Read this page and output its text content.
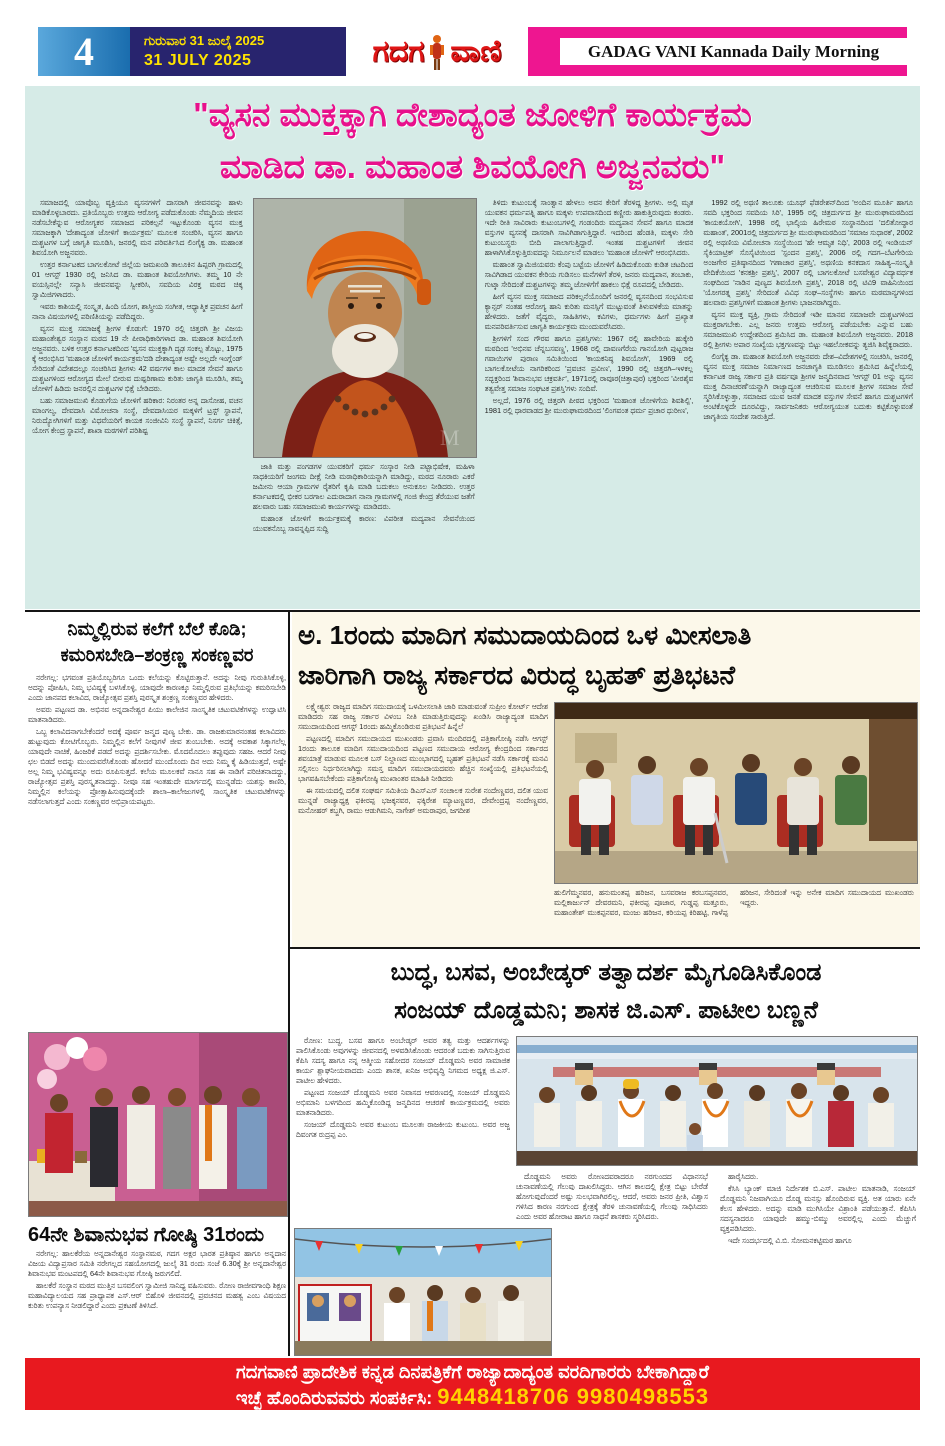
4	ಗುರುವಾರ 31 ಜುಲೈ 2025
31 JULY 2025	ಗದಗ ವಾಣಿ	GADAG VANI Kannada Daily Morning
"ವ್ಯಸನ ಮುಕ್ತಕ್ಕಾಗಿ ದೇಶಾದ್ಯಂತ ಜೋಳಿಗೆ ಕಾರ್ಯಕ್ರಮ
ಮಾಡಿದ ಡಾ. ಮಹಾಂತ ಶಿವಯೋಗಿ ಅಜ್ಜನವರು"

ಸಮಾಜದಲ್ಲಿ ಯಾವೊಬ್ಬ ವ್ಯಕ್ತಿಯೂ ವ್ಯಸನಗಳಿಗೆ ದಾಸರಾಗಿ ಜೀವನವನ್ನು ಹಾಳು ಮಾಡಿಕೊಳ್ಳಬಾರದು. ಪ್ರತಿಯೊಬ್ಬರು ಉತ್ತಮ ಆರೋಗ್ಯ ಪಡೆದುಕೊಂಡು ನೆಮ್ಮದಿಯ ಜೀವನ ನಡೆಸಬೇಕೆನ್ನುವ ಆರೋಗ್ಯಕರ ಸಮಾಜದ ಪರಿಕಲ್ಪನೆ ಇಟ್ಟುಕೊಂಡು ವ್ಯಸನ ಮುಕ್ತ ಸಮಾಜಕ್ಕಾಗಿ 'ದೇಶಾದ್ಯಂತ ಜೋಳಿಗೆ ಕಾರ್ಯಕ್ರಮ' ಮೂಲಕ ಸಂಚರಿಸಿ, ವ್ಯಸನ ಹಾಗೂ ದುಶ್ಚಟಗಳ ಬಗ್ಗೆ ಜಾಗೃತಿ ಮೂಡಿಸಿ, ಜನರಲ್ಲಿ ಮನ ಪರಿವರ್ತಿಸಿದ ಲಿಂಗೈಕ್ಯ ಡಾ. ಮಹಾಂತ ಶಿವಯೋಗಿ ಅಜ್ಜನವರು.

ಉತ್ತರ ಕರ್ನಾಟಕದ ಬಾಗಲಕೋಟೆ ಜಿಲ್ಲೆಯ ಜಮಖಂಡಿ ತಾಲೂಕಿನ ಹಿಪ್ಪರಗಿ ಗ್ರಾಮದಲ್ಲಿ 01 ಆಗಸ್ಟ್ 1930 ರಲ್ಲಿ ಜನಿಸಿದ ಡಾ. ಮಹಾಂತ ಶಿವಯೋಗಿಗಳು. ತಮ್ಮ 10 ನೇ ವಯಸ್ಸಿನಲ್ಲೇ ಸನ್ಯಾಸಿ ಜೀವನವನ್ನು ಸ್ವೀಕರಿಸಿ, ಸವದಿಯ ವಿರಕ್ತ ಮಠದ ಚಿಕ್ಕ ಸ್ವಾಮಿಜಿಗಳಾದರು.

ಇವರು ಕಾಶಿಯಲ್ಲಿ ಸಂಸ್ಕೃತ, ಹಿಂದಿ ಯೋಗ, ಶಾಸ್ತ್ರೀಯ ಸಂಗೀತ, ಆಧ್ಯಾತ್ಮಿಕ ಪ್ರವಚನ ಹೀಗೆ ನಾನಾ ವಿಷಯಗಳಲ್ಲಿ ಪರಿಣಿತಿಯನ್ನು ಪಡೆದಿದ್ದರು.

ವ್ಯಸನ ಮುಕ್ತ ಸಮಾಜಕ್ಕೆ ಶ್ರೀಗಳ ಕೊಡುಗೆ: 1970 ರಲ್ಲಿ ಚಿತ್ತರಗಿ ಶ್ರೀ ವಿಜಯ ಮಹಾಂತೇಶ್ವರ ಸಂಸ್ಥಾನ ಮಠದ 19 ನೇ ಪೀಠಾಧಿಕಾರಿಗಳಾದ ಡಾ. ಮಹಾಂತ ಶಿವಯೋಗಿ ಅಜ್ಜನವರು. ಬಳಿಕ ಉತ್ತರ ಕರ್ನಾಟಕದಿಂದ 'ವ್ಯಸನ ಮುಕ್ತಕ್ಕಾಗಿ ದೃಢ ಸಂಕಲ್ಪ ತೊಟ್ಟು, 1975 ಕ್ಕೆ ಆರಂಭಿಸಿದ 'ಮಹಾಂತ ಜೋಳಿಗೆ ಕಾರ್ಯಕ್ರಮ'ದಡಿ ದೇಶಾದ್ಯಂತ ಅಷ್ಟೇ ಅಲ್ಲದೇ ಇಂಗ್ಲೆಂಡ್ ಸೇರಿದಂತೆ ವಿದೇಶದಲ್ಲೂ ಸಂಚರಿಸಿದ ಶ್ರೀಗಳು 42 ವರ್ಷಗಳ ಕಾಲ ಮಾದಕ ಸೇವನೆ ಹಾಗೂ ದುಶ್ಚಟಗಳಿಂದ ಆರೋಗ್ಯದ ಮೇಲೆ ಬೀರುವ ದುಷ್ಪರಿಣಾಮ ಕುರಿತು ಜಾಗೃತಿ ಮೂಡಿಸಿ, ತಮ್ಮ ಜೋಳಿಗೆ ಹಿಡಿದು ಜನರಲ್ಲಿನ ದುಶ್ಚಟಗಳ ಭಿಕ್ಷೆ ಬೇಡಿದರು.

ಬಹು ಸಮಾಜಮುಖಿ ಕೊಡುಗೆಯ ಜೋಳಿಗೆ ಹರಿಕಾರ: ನಿರಂತರ ಅನ್ನ ದಾಸೋಹ, ವಚನ ಮಾಂಗಲ್ಯ, ದೇವದಾಸಿ ವಿಮೋಚನಾ ಸಂಸ್ಥೆ, ದೇವದಾಸಿಯರ ಮಕ್ಕಳಿಗೆ ಟ್ರಸ್ಟ್ ಸ್ಥಾಪನೆ, ನಿರುದ್ಯೋಗಿಗಳಿಗೆ ಮತ್ತು ವಿಧವೆಯರಿಗೆ ಕಾಯಕ ಸಂಜೀವಿನಿ ಸಂಸ್ಥೆ ಸ್ಥಾಪನೆ, ನಿಸರ್ಗ ಚಿಕಿತ್ಸೆ, ಯೋಗ ಕೇಂದ್ರ ಸ್ಥಾಪನೆ, ಶಾಖಾ ಮಠಗಳಿಗೆ ಪರಿಶಿಷ್ಟ	M

ಜಾತಿ ಮತ್ತು ಪಂಗಡಗಳ ಯುವಕರಿಗೆ ಧರ್ಮ ಸಂಸ್ಕಾರ ನೀಡಿ ಪಟ್ಟಾಭಿಷೇಕ, ಮಹಿಳಾ ಸಾಧಕಿಯರಿಗೆ ಜಂಗಮ ದೀಕ್ಷೆ ನೀಡಿ ಮಠಾಧಿಕಾರಿಯನ್ನಾಗಿ ಮಾಡಿದ್ದು, ಮಠದ ನೂರಾರು ಎಕರೆ ಜಮೀನು ಆಯಾ ಗ್ರಾಮಗಳ ರೈತರಿಗೆ ಕೃಷಿ ಮಾಡಿ ಬದುಕಲು ಅನುಕೂಲ ನೀಡಿದರು. ಉತ್ತರ ಕರ್ನಾಟಕದಲ್ಲಿ ಭೀಕರ ಬರಗಾಲ ಎದುರಾದಾಗ ನಾನಾ ಗ್ರಾಮಗಳಲ್ಲಿ ಗಂಜಿ ಕೇಂದ್ರ ತೆರೆಯುವ ಜತೆಗೆ ಹಲವಾರು ಬಹು ಸಮಾಜಮುಖಿ ಕಾರ್ಯಗಳನ್ನು ಮಾಡಿದರು.

ಮಹಾಂತ ಜೋಳಿಗೆ ಕಾರ್ಯಕ್ರಮಕ್ಕೆ ಕಾರಣ: ವಿಪರೀತ ಮದ್ಯಪಾನ ಸೇವನೆಯಿಂದ ಯುವಕನೊಬ್ಬ ಸಾವನ್ನಪ್ಪಿದ ಸುದ್ದಿ

ತಿಳಿದು ಕುಟುಂಬಕ್ಕೆ ಸಾಂತ್ವಾನ ಹೇಳಲು ಅವನ ಕೇರಿಗೆ ತೆರಳಿದ್ದ ಶ್ರೀಗಳು. ಅಲ್ಲಿ ಮೃತ ಯುವಕನ ಧರ್ಮಪತ್ನಿ ಹಾಗೂ ಮಕ್ಕಳು ಉಪವಾಸದಿಂದ ಕಣ್ಣೀರು ಹಾಕುತ್ತಿರುವುದು ಕಂಡರು. ಇದೇ ರೀತಿ ಸಾವಿರಾರು ಕುಟುಂಬಗಳಲ್ಲಿ ಗಂಡಂದಿರು ಮದ್ಯಪಾನ ಸೇವನೆ ಹಾಗೂ ಮಾದಕ ವಸ್ತುಗಳ ವ್ಯಸನಕ್ಕೆ ದಾಸರಾಗಿ ಸಾವಿಗಿಡಾಗುತ್ತಿದ್ದಾರೆ. ಇದರಿಂದ ಹೆಂಡತಿ, ಮಕ್ಕಳು ಸೇರಿ ಕುಟುಂಬಸ್ಥರು ಬೀದಿ ಪಾಲಾಗುತ್ತಿದ್ದಾರೆ. ಇಂತಹ ದುಶ್ಚಟಗಳಿಗೆ ಜೀವನ ಹಾಳಾಗಿಸಿಕೊಳ್ಳುತ್ತಿರುವದನ್ನು ನಿರ್ಮೂಲನೆ ಮಾಡಲು 'ಮಹಾಂತ ಜೋಳಿಗೆ' ಆರಂಭಿಸಿದರು.

ಮಹಾಂತ ಸ್ವಾಮಿಜಿಯವರು ಕೆಂಪು ಬಟ್ಟೆಯ ಜೋಳಿಗೆ ಹಿಡಿದುಕೊಂಡು ಕುಡಿತ ಚಟದಿಂದ ಸಾವಿಗಿಡಾದ ಯುವಕನ ಕೇರಿಯ ಗುಡಿಸಲು ಮನೆಗಳಿಗೆ ತೆರಳಿ, ಜನರು ಮದ್ಯಪಾನ, ತಂಬಾಕು, ಗುಟ್ಕಾ ಸೇರಿದಂತೆ ದುಶ್ಚಟಗಳನ್ನು ತಮ್ಮ ಜೋಳಿಗೆಗೆ ಹಾಕಲು ಭಿಕ್ಷೆ ರೂಪದಲ್ಲಿ ಬೇಡಿದರು.

ಹೀಗೆ ವ್ಯಸನ ಮುಕ್ತ ಸಮಾಜದ ಪರಿಕಲ್ಪನೆಯೊಂದಿಗೆ ಜನರಲ್ಲಿ ವ್ಯಸನದಿಂದ ಸಂಭವಿಸುವ ಕ್ಯಾನ್ಸರ್ ನಂತಹ ಆರೋಗ್ಯ ಹಾನಿ ಕುರಿತು ಮನಸ್ಸಿಗೆ ಮುಟ್ಟುವಂತೆ ತಿಳುವಳಿಕೆಯ ಮಾತನ್ನು ಹೇಳಿದರು. ಜತೆಗೆ ವೈದ್ಯರು, ಸಾಹಿತಿಗಳು, ಕವಿಗಳು, ಧರ್ಮಗಳು ಹೀಗೆ ಪ್ರಖ್ಯಾತ ಮನಪರಿವರ್ತಿಸುವ ಜಾಗೃತಿ ಕಾರ್ಯಕ್ರಮ ಮುಂದುವರೆಸಿದರು.

ಶ್ರೀಗಳಿಗೆ ಸಂದ ಗೌರವ ಹಾಗೂ ಪ್ರಶಸ್ತಿಗಳು: 1967 ರಲ್ಲಿ ಹಾವೇರಿಯ ಹುಕ್ಕೇರಿ ಮಠದಿಂದ 'ಅಭಿನವ ಚೆನ್ನಬಸವಣ್ಣ', 1968 ರಲ್ಲಿ ದಾವಣಗೆರೆಯ ಗಾನಯೋಗಿ ಪುಟ್ಟರಾಜ ಗವಾಯಿಗಳ ಪುರಾಣ ಸಮಿತಿಯಿಂದ 'ಕಾಯಕನಿಷ್ಠ ಶಿವಯೋಗಿ', 1969 ರಲ್ಲಿ ಬಾಗಲಕೋಟೆಯ ನಾಗರಿಕರಿಂದ 'ಪ್ರವಚನ ಪ್ರವೀಣ', 1990 ರಲ್ಲಿ ಚಿತ್ತರಗಿ–ಇಳಕಲ್ಲ ಸದ್ಭಕ್ತರಿಂದ 'ಶಿವಾನುಭವ ಚಕ್ರವರ್ತಿ', 1971ರಲ್ಲಿ ರಾವೂರ(ಚಿತ್ತಾಪುರ) ಭಕ್ತರಿಂದ 'ವೀರಶೈವ ತತ್ವವೇತ್ತ ಸಮಾಜ ಸಂಘಟಕ ಪ್ರಶಸ್ತಿ'ಗಳು ಸಂದಿವೆ.

ಅಲ್ಲದೆ, 1976 ರಲ್ಲಿ ಚಿತ್ತರಗಿ ಪೀಠದ ಭಕ್ತರಿಂದ 'ಮಹಾಂತ ಜೋಳಿಗೆಯ ಶಿವಶಿಲ್ಪಿ', 1981 ರಲ್ಲಿ ಧಾರವಾಡದ ಶ್ರೀ ಮುರುಘಾಮಠದಿಂದ 'ಲಿಂಗವಂತ ಧರ್ಮ ಪ್ರಚಾರ ಧುರೀಣ',

1992 ರಲ್ಲಿ ಅಥಣಿ ತಾಲೂಕು ಯೂಥ್ ಫೆಡರೇಶನ್‌ದಿಂದ 'ಅಂದಿನ ಮೂರ್ತಿ ಹಾಗೂ ಸವದಿ ಭಕ್ತರಿಂದ ಸವದಿಯ ಸಿರಿ', 1995 ರಲ್ಲಿ ಚಿತ್ರದುರ್ಗದ ಶ್ರೀ ಮುರುಘಾಮಠದಿಂದ 'ಕಾಯಕಯೋಗಿ', 1998 ರಲ್ಲಿ ಭಾಲ್ಕಿಯ ಹಿರೇಮಠ ಸಂಸ್ಥಾನದಿಂದ 'ದಲಿತೋದ್ಧಾರ ಮಹಾಂತ', 2001ರಲ್ಲಿ ಚಿತ್ರದುರ್ಗದ ಶ್ರೀ ಮುರುಘಾಮಠದಿಂದ 'ಸಮಾಜ ಸುಧಾರಕ', 2002 ರಲ್ಲಿ ಅಥಣಿಯ ವಿಮೋಚನಾ ಸಂಸ್ಥೆಯಿಂದ 'ಹೇ ಆಮೃತ ನಿಧಿ', 2003 ರಲ್ಲಿ ಇಂಡಿಯನ್ ಸೈಕಿಯಾಟ್ರಿಕ್ ಸೊಸೈಟಿಯಿಂದ 'ಸ್ಪಂದನ ಪ್ರಶಸ್ತಿ', 2006 ರಲ್ಲಿ ಗದಗ–ಬೆಟಗೇರಿಯ ಅಂಜಗೇರ ಪ್ರತಿಷ್ಠಾನದಿಂದ 'ಗಣಾಚಾರ ಪ್ರಶಸ್ತಿ', ಅಥಣಿಯ ಕನಕದಾಸ ಸಾಹಿತ್ಯ–ಸಂಸ್ಕೃತಿ ವೇದಿಕೆಯಿಂದ 'ಕನಕಶ್ರೀ ಪ್ರಶಸ್ತಿ', 2007 ರಲ್ಲಿ ಬಾಗಲಕೋಟೆ ಬಸವೇಶ್ವರ ವಿದ್ಯಾವರ್ಧಕ ಸಂಘದಿಂದ 'ನಾಡಿನ ಪುಣ್ಯದ ಶಿವಯೋಗಿ ಪ್ರಶಸ್ತಿ', 2018 ರಲ್ಲಿ ಟಿವಿ9 ವಾಹಿನಿಯಿಂದ 'ಯೋಗರತ್ನ ಪ್ರಶಸ್ತಿ' ಸೇರಿದಂತೆ ವಿವಿಧ ಸಂಘ–ಸಂಸ್ಥೆಗಳು ಹಾಗೂ ಮಠಮಾನ್ಯಗಳಿಂದ ಹಲವಾರು ಪ್ರಶಸ್ತಿಗಳಿಗೆ ಮಹಾಂತ ಶ್ರೀಗಳು ಭಾಜನರಾಗಿದ್ದರು.

ವ್ಯಸನ ಮುಕ್ತ ವ್ಯಕ್ತಿ, ಗ್ರಾಮ ಸೇರಿದಂತೆ ಇಡೀ ಮಾನವ ಸಮಾಜವೇ ದುಶ್ಚಟಗಳಿಂದ ಮುಕ್ತರಾಗಬೇಕು. ಎಲ್ಲ ಜನರು ಉತ್ತಮ ಆರೋಗ್ಯ ಪಡೆಯಬೇಕು ಎನ್ನುವ ಬಹು ಸಮಾಜಮುಖಿ ಉದ್ದೇಶದಿಂದ ಶ್ರಮಿಸಿದ ಡಾ. ಮಹಾಂತ ಶಿವಯೋಗಿ ಅಜ್ಜನವರು. 2018 ರಲ್ಲಿ ಶ್ರೀಗಳು ಅಪಾರ ಸಂಖ್ಯೆಯ ಭಕ್ತಗಣವನ್ನು ಬಿಟ್ಟು ಇಹಲೋಕವನ್ನು ತ್ಯಜಿಸಿ ಶಿವೈಕ್ಯರಾದರು.

ಲಿಂಗೈಕ್ಯ ಡಾ. ಮಹಾಂತ ಶಿವಯೋಗಿ ಅಜ್ಜನವರು ದೇಶ–ವಿದೇಶಗಳಲ್ಲಿ ಸಂಚರಿಸಿ, ಜನರಲ್ಲಿ ವ್ಯಸನ ಮುಕ್ತ ಸಮಾಜ ನಿರ್ಮಾಣದ ಜನಜಾಗೃತಿ ಮೂಡಿಸಲು ಶ್ರಮಿಸಿದ ಹಿನ್ನೆಲೆಯಲ್ಲಿ ಕರ್ನಾಟಕ ರಾಜ್ಯ ಸರ್ಕಾರ ಪ್ರತಿ ವರ್ಷವೂ ಶ್ರೀಗಳ ಜನ್ಮದಿನವಾದ 'ಆಗಸ್ಟ್ 01 ಅನ್ನು ವ್ಯಸನ ಮುಕ್ತ ದಿನಾಚರಣೆ'ಯನ್ನಾಗಿ ರಾಜ್ಯಾದ್ಯಂತ ಆಚರಿಸುವ ಮೂಲಕ ಶ್ರೀಗಳ ಸಮಾಜ ಸೇವೆ ಸ್ಮರಿಸಿಕೊಳ್ಳುತ್ತಾ, ಸಮಾಜದ ಯುವ ಜನತೆ ಮಾದಕ ವಸ್ತುಗಳ ಸೇವನೆ ಹಾಗೂ ದುಶ್ಚಟಗಳಿಗೆ ಅಂಟಿಕೊಳ್ಳದೇ ದೂರವಿದ್ದು, ಸಾರ್ವಜನಿಕರು ಆರೋಗ್ಯಯುತ ಬದುಕು ಕಟ್ಟಿಕೊಳ್ಳುವಂತೆ ಜಾಗೃತಿಯ ಸಂದೇಶ ಸಾರುತ್ತಿದೆ.

ನಿಮ್ಮಲ್ಲಿರುವ ಕಲೆಗೆ ಬೆಲೆ ಕೊಡಿ;
ಕಮರಿಸಬೇಡಿ–ಶಂಕ್ರಣ್ಣ ಸಂಕಣ್ಣವರ

ನರೇಗಲ್ಲ: ಭಗವಂತ ಪ್ರತಿಯೊಬ್ಬರಿಗೂ ಒಂದು ಕಲೆಯನ್ನು ಕೊಟ್ಟಿರುತ್ತಾನೆ. ಅದನ್ನು ನೀವು ಗುರುತಿಸಿಕೊಳ್ಳಿ, ಅದನ್ನು ಪೋಷಿಸಿ, ನಿಮ್ಮ ಭವಿಷ್ಯಕ್ಕೆ ಬಳಸಿಕೊಳ್ಳಿ, ಯಾವುದೇ ಕಾರಣಕ್ಕೂ ನಿಮ್ಮಲ್ಲಿರುವ ಪ್ರತಿಭೆಯನ್ನು ಕಮರಿಸಬೇಡಿ ಎಂದು ಜಾನಪದ ಕಲಾವಿದ, ರಾಜ್ಯೋತ್ಸವ ಪ್ರಶಸ್ತಿ ಪುರಸ್ಕೃತ ಶಂಕ್ರಣ್ಣ ಸಂಕಣ್ಣವರ ಹೇಳಿದರು.

ಅವರು ಪಟ್ಟಣದ ಡಾ. ಅಭಿನವ ಅನ್ನದಾನೇಶ್ವರ ಪಿಯು ಕಾಲೇಜಿನ ಸಾಂಸ್ಕೃತಿಕ ಚಟುವಟಿಕೆಗಳನ್ನು ಉದ್ಘಾಟಿಸಿ ಮಾತನಾಡಿದರು.

ಒಬ್ಬ ಕಲಾವಿದನಾಗಬೇಕೆಂದರೆ ಅದಕ್ಕೆ ಪೂರ್ವ ಜನ್ಮದ ಪುಣ್ಯ ಬೇಕು. ಡಾ. ರಾಜಕುಮಾರನಂತಹ ಕಲಾವಿದರು ಹುಟ್ಟುವುದು ಕೋಟಿಗೊಬ್ಬರು. ನಿಮ್ಮಲ್ಲಿನ ಕಲೆಗೆ ನೀವುಗಳೆ ಜೀವ ತುಂಬಬೇಕು. ಅದಕ್ಕೆ ಅವಕಾಶ ಸಿಕ್ಕಾಗಲೆಲ್ಲ ಯಾವುದೇ ನಾಚಿಕೆ, ಹಿಂಜರಿಕೆ ಪಡದೆ ಅದನ್ನು ಪ್ರದರ್ಶಿಸಬೇಕು. ಮೊದಮೊದಲು ತಪ್ಪುವುದು ಸಹಜ. ಆದರೆ ನೀವು ಛಲ ಬಿಡದೆ ಅದನ್ನು ಮುಂದುವರೆಸಿಕೊಂಡು ಹೋದರೆ ಮುಂದೊಂದು ದಿನ ಅದು ನಿಮ್ಮ ಕೈ ಹಿಡಿಯುತ್ತದೆ, ಅಷ್ಟೇ ಅಲ್ಲ ನಿಮ್ಮ ಭವಿಷ್ಯವನ್ನೂ ಅದು ರೂಪಿಸುತ್ತದೆ. ಕಲೆಯ ಮೂಲಕವೆ ನಾನೂ ಸಹ ಈ ನಾಡಿಗೆ ಪರಿಚಿತನಾದದ್ದು, ರಾಜ್ಯೋತ್ಸವ ಪ್ರಶಸ್ತಿ ಪುರಸ್ಕೃತನಾದದ್ದು. ನೀವೂ ಸಹ ಇಂತಹುದೇ ಮಾರ್ಗದಲ್ಲಿ ಮುನ್ನಡೆದು ಯಶಸ್ಸು ಕಾಣಿರಿ, ನಿಮ್ಮಲ್ಲಿನ ಕಲೆಯನ್ನು ಪ್ರೋತ್ಸಾಹಿಸುವುದಕ್ಕೆಂದೇ ಶಾಲಾ–ಕಾಲೇಜುಗಳಲ್ಲಿ ಸಾಂಸ್ಕೃತಿಕ ಚಟುವಟಿಕೆಗಳನ್ನು ನಡೆಸಲಾಗುತ್ತದೆ ಎಂದು ಸಂಕಣ್ಣವರ ಅಭಿಪ್ರಾಯಪಟ್ಟರು.

64ನೇ ಶಿವಾನುಭವ ಗೋಷ್ಠಿ 31ರಂದು

ನರೇಗಲ್ಲ: ಹಾಲಕೆರೆಯ ಅನ್ನದಾನೇಶ್ವರ ಸಂಸ್ಥಾನಮಠ, ಗದಗ ಅಕ್ಷರ ಭಾರತ ಪ್ರತಿಷ್ಠಾನ ಹಾಗೂ ಅನ್ನದಾನ ವಿಜಯ ವಿದ್ಯಾಪ್ರಸಾರ ಸಮಿತಿ ನರೇಗಲ್ಲದ ಸಹಯೋಗದಲ್ಲಿ ಜುಲೈ 31 ರಂದು ಸಂಜೆ 6.30ಕ್ಕೆ ಶ್ರೀ ಅನ್ನದಾನೇಶ್ವರ ಶಿವಾನುಭವ ಮಂಟಪದಲ್ಲಿ 64ನೇ ಶಿವಾನುಭವ ಗೋಷ್ಠಿ ಜರುಗಲಿದೆ.

ಹಾಲಕೆರೆ ಸಂಸ್ಥಾನ ಮಠದ ಮುತ್ತಿನ ಬಸವಲಿಂಗ ಸ್ವಾಮೀಜಿ ಸಾನಿಧ್ಯ ವಹಿಸುವರು. ರೋಣ ರಾಜೀವಗಾಂಧಿ ಶಿಕ್ಷಣ ಮಹಾವಿದ್ಯಾಲಯದ ಸಹ ಪ್ರಾಧ್ಯಾಪಕ ಎಸ್.ಆರ್ ಬಿಹೊಳಿ ಜೀವನದಲ್ಲಿ ಪ್ರವಚನದ ಮಹತ್ವ ಎಂಬ ವಿಷಯದ ಕುರಿತು ಉಪನ್ಯಾಸ ನೀಡಲಿದ್ದಾರೆ ಎಂದು ಪ್ರಕಟಣೆ ತಿಳಿಸಿದೆ.

ಅ. 1ರಂದು ಮಾದಿಗ ಸಮುದಾಯದಿಂದ ಒಳ ಮೀಸಲಾತಿ
ಜಾರಿಗಾಗಿ ರಾಜ್ಯ ಸರ್ಕಾರದ ವಿರುದ್ಧ ಬೃಹತ್ ಪ್ರತಿಭಟನೆ

ಲಕ್ಷ್ಮೇಶ್ವರ: ರಾಜ್ಯದ ಮಾದಿಗ ಸಮುದಾಯಕ್ಕೆ ಒಳಮೀಸಲಾತಿ ಜಾರಿ ಮಾಡುವಂತೆ ಸುಪ್ರೀಂ ಕೋರ್ಟ್ ಆದೇಶ ಮಾಡಿದರು ಸಹ ರಾಜ್ಯ ಸರ್ಕಾರ ವಿಳಂಬ ನೀತಿ ಮಾಡುತ್ತಿರುವುದನ್ನು ಖಂಡಿಸಿ ರಾಜ್ಯಾದ್ಯಂತ ಮಾದಿಗ ಸಮುದಾಯದಿಂದ ಆಗಸ್ಟ್ 1ರಂದು ಹಮ್ಮಿಕೊಂಡಿರುವ ಪ್ರತಿಭಟನೆ ಹಿನ್ನೆಲೆ

ಪಟ್ಟಣದಲ್ಲಿ ಮಾದಿಗ ಸಮುದಾಯದ ಮುಖಂಡರು ಪ್ರವಾಸಿ ಮಂದಿರದಲ್ಲಿ ಪತ್ರಿಕಾಗೋಷ್ಠಿ ನಡೆಸಿ ಆಗಸ್ಟ್ 1ರಂದು ತಾಲೂಕ ಮಾದಿಗ ಸಮುದಾಯದಿಂದ ಪಟ್ಟಣದ ಸಮುದಾಯ ಆರೋಗ್ಯ ಕೇಂದ್ರದಿಂದ ಸರ್ಕಾರದ ಶವಯಾತ್ರೆ ಮಾಡುವ ಮೂಲಕ ಬಸ್ ನಿಲ್ದಾಣದ ಮುಂಭಾಗದಲ್ಲಿ ಬೃಹತ್ ಪ್ರತಿಭಟನೆ ನಡೆಸಿ ಸರ್ಕಾರಕ್ಕೆ ಮನವಿ ಸಲ್ಲಿಸಲು ನಿರ್ಧರಿಸಲಾಗಿದ್ದು ಸಮಸ್ತ ಮಾದಿಗ ಸಮುದಾಯದವರು ಹೆಚ್ಚಿನ ಸಂಖ್ಯೆಯಲ್ಲಿ ಪ್ರತಿಭಟನೆಯಲ್ಲಿ ಭಾಗವಹಿಸಬೇಕೆಂದು ಪತ್ರಿಕಾಗೋಷ್ಠಿ ಮುಖಾಂತರ ಮಾಹಿತಿ ನೀಡಿದರು

ಈ ಸಮಯದಲ್ಲಿ ದಲಿತ ಸಂಘರ್ಷ ಸಮಿತಿಯ ಡಿಎಸ್ಎಸ್ ಸಂಚಾಲಕ ಸುರೇಶ ನಂದೇಣ್ಣವರ, ದಲಿತ ಯುವ ಮುನ್ನಡೆ ರಾಜ್ಯಾಧ್ಯಕ್ಷ ಫಕೀರಪ್ಪ ಭಜಕ್ಕನವರ, ಫಕ್ಕಿರೇಶ ಮ್ಯಾಟಣ್ಣವರ, ದೇವೇಂದ್ರಪ್ಪ ನಂದೇಣ್ಣವರ, ಮನೋಹರ್ ಕಬ್ಜಗಿ, ರಾಮು ಆಡುಗಿಮನಿ, ನಾಗೇಶ್ ಅಮರಾಪುರ, ಜಗದೀಶ

ಹುಲಿಗೆಮ್ಮನವರ, ಹನುಮಂತಪ್ಪ ಹರಿಜನ, ಬಸವರಾಜ ಕರಬಸಪ್ಪನವರ, ಮಲ್ಲಿಕಾರ್ಜುನ್ ದೇವರಮನಿ, ಫಕೀರಪ್ಪ ಪೂಜಾರ, ಗುಡ್ಡಪ್ಪ ಮತ್ತೂರು, ಮಹಾಂತೇಶ್ ಮುಕಪ್ಪನವರ, ಮಂಜು ಹರಿಜನ, ಕರಿಯಪ್ಪ ಕಿರಿಹಟ್ಟಿ, ಗಾಳೆಪ್ಪ ಹರಿಜನ, ಸೇರಿದಂತೆ ಇನ್ನು ಅನೇಕ ಮಾದಿಗ ಸಮುದಾಯದ ಮುಖಂಡರು ಇದ್ದರು.
ಬುದ್ಧ, ಬಸವ, ಅಂಬೇಡ್ಕರ್ ತತ್ವಾದರ್ಶ ಮೈಗೂಡಿಸಿಕೊಂಡ
ಸಂಜಯ್ ದೊಡ್ಡಮನಿ; ಶಾಸಕ ಜಿ.ಎಸ್. ಪಾಟೀಲ ಬಣ್ಣನೆ

ರೋಣ: ಬುದ್ಧ, ಬಸವ ಹಾಗೂ ಅಂಬೇಡ್ಕರ್ ಅವರ ತತ್ವ ಮತ್ತು ಆದರ್ಶಗಳನ್ನು ಪಾಲಿಸಿಕೊಂಡು ಅವುಗಳನ್ನು ಜೀವನದಲ್ಲಿ ಅಳವಡಿಸಿಕೊಂಡು ಆದರಂತೆ ಬದುಕು ಸಾಗಿಸುತ್ತಿರುವ ಕೆಪಿಸಿ ಸದಸ್ಯ ಹಾಗೂ ನನ್ನ ಆತ್ಮೀಯ ಸಹೋದರ ಸಂಜಯ್ ದೊಡ್ಡಮನಿ ಅವರ ಸಾಮಾಜಿಕ ಕಾರ್ಯ ಶ್ಲಾಘನೀಯವಾದದು ಎಂದು ಶಾಸಕ, ಖನಿಜ ಅಭಿವೃದ್ಧಿ ನಿಗಮದ ಅಧ್ಯಕ್ಷ ಜಿ.ಎಸ್. ಪಾಟೀಲ ಹೇಳಿದರು.

ಪಟ್ಟಣದ ಸಂಜಯ್ ದೊಡ್ಡಮನಿ ಅವರ ನಿವಾಸದ ಆವರಣದಲ್ಲಿ ಸಂಜಯ್ ದೊಡ್ಡಮನಿ ಅಭಿಮಾನಿ ಬಳಗದಿಂದ ಹಮ್ಮಿಕೊಂಡಿದ್ದ ಜನ್ಮದಿನದ ಆಚರಣೆ ಕಾರ್ಯಕ್ರಮದಲ್ಲಿ ಅವರು ಮಾತನಾಡಿದರು.

ಸಂಜಯ್ ದೊಡ್ಡಮನಿ ಅವರ ಕುಟುಂಬ ಮೂಲತಃ ರಾಜಕೀಯ ಕುಟುಂಬ. ಅವರ ಅಜ್ಜ ದಿವಂಗತ ರುದ್ರಪ್ಪ ಎಂ.

ದೊಡ್ಡಮನಿ ಅವರು ರೋಣದವರಾದರೂ ನರಗುಂದದ ವಿಧಾನಸಭೆ ಚುನಾವಣೆಯಲ್ಲಿ ಗೆಲುವು ದಾಖಲಿಸಿದ್ದರು. ಆಗಿನ ಕಾಲದಲ್ಲಿ ಕ್ಷೇತ್ರ ಬಿಟ್ಟು ಬೇರೆಡೆ ಹೋಗುವುದೆಂದರೆ ಅಷ್ಟು ಸುಲಭವಾಗಿರಲಿಲ್ಲ. ಆದರೆ, ಅವರು ಜನರ ಪ್ರೀತಿ, ವಿಶ್ವಾಸ ಗಳಿಸಿದ ಕಾರಣ ನರಗುಂದ ಕ್ಷೇತ್ರಕ್ಕೆ ತೆರಳಿ ಚುನಾವಣೆಯಲ್ಲಿ ಗೆಲುವು ಸಾಧಿಸಿದರು ಎಂದು ಅವರ ಹೋರಾಟ ಹಾಗೂ ಸಾಧನೆ ಶಾಸಕರು ಸ್ಮರಿಸಿದರು.

ಹಾರೈಸಿದರು.

ಕೆಸಿಸಿ ಬ್ಯಾಂಕ್ ಮಾಜಿ ನಿರ್ದೇಶಕ ಬಿ.ಎಸ್. ಪಾಟೀಲ ಮಾತನಾಡಿ, ಸಂಜಯ್ ದೊಡ್ಡಮನಿ ನಿಜವಾಗಿಯೂ ದೊಡ್ಡ ಮನಸ್ಸು ಹೊಂದಿರುವ ವ್ಯಕ್ತಿ. ಅತ ಯಾರು ಏನೇ ಕೆಲಸ ಹೇಳಿದರು. ಅದನ್ನು ಮಾಡಿ ಮುಗಿಸಿಯೇ ವಿಶ್ರಾಂತಿ ಪಡೆಯುತ್ತಾನೆ. ಕೆಪಿಸಿಸಿ ಸದಸ್ಯನಾದರೂ ಯಾವುದೇ ಹಮ್ಮು-ಬಿಮ್ಮು ಅವರಲ್ಲಿಲ್ಲ ಎಂದು ಮೆಚ್ಚುಗೆ ವ್ಯಕ್ತಪಡಿಸಿದರು.

ಇದೇ ಸಂದರ್ಭದಲ್ಲಿ ವಿ.ಬಿ. ಸೋಮನಕಟ್ಟಿಮಠ ಹಾಗೂ

ಗದಗವಾಣಿ ಪ್ರಾದೇಶಿಕ ಕನ್ನಡ ದಿನಪತ್ರಿಕೆಗೆ ರಾಜ್ಯಾದಾದ್ಯಂತ ವರದಿಗಾರರು ಬೇಕಾಗಿದ್ದಾರೆ
ಇಚ್ಛೆ ಹೊಂದಿರುವವರು ಸಂಪರ್ಕಿಸಿ: 9448418706 9980498553
